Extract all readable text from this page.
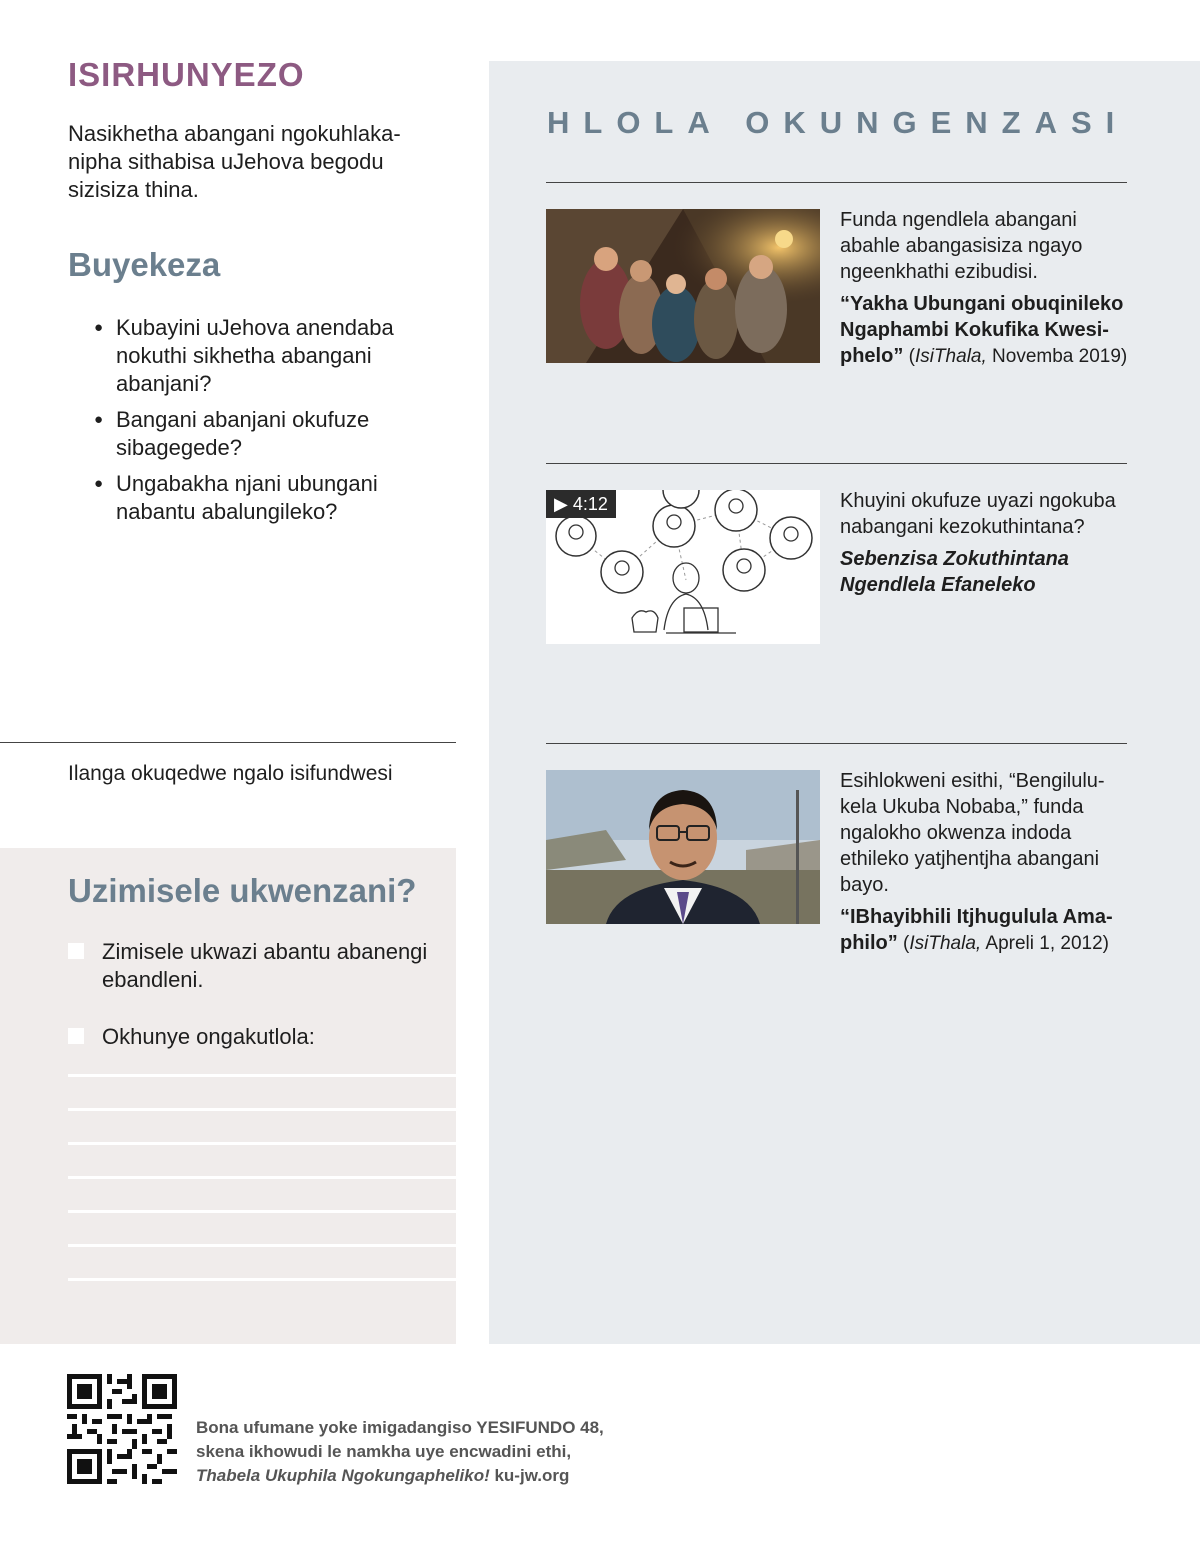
ISIRHUNYEZO
Nasikhetha abangani ngokuhlaka-nipha sithabisa uJehova begodu sizisiza thina.
Buyekeza
● Kubayini uJehova anendaba nokuthi sikhetha abangani abanjani?
● Bangani abanjani okufuze sibagegede?
● Ungabakha njani ubungani nabantu abalungileko?
Ilanga okuqedwe ngalo isifundwesi
Uzimisele ukwenzani?
Zimisele ukwazi abantu abanengi ebandleni.
Okhunye ongakutlola:
HLOLA OKUNGENZASI
Funda ngendlela abangani abahle abangasisiza ngayo ngeenkhathi ezibudisi.
“Yakha Ubungani obuqinileko Ngaphambi Kokufika Kwesi-phelo” (IsiThala, Novemba 2019)
▶ 4:12	Khuyini okufuze uyazi ngokuba nabangani kezokuthintana?
Sebenzisa Zokuthintana Ngendlela Efaneleko
Esihlokweni esithi, “Bengilulu-kela Ukuba Nobaba,” funda ngalokho okwenza indoda ethileko yatjhentjha abangani bayo.
“IBhayibhili Itjhugulula Ama-philo” (IsiThala, Apreli 1, 2012)
Bona ufumane yoke imigadangiso YESIFUNDO 48,
skena ikhowudi le namkha uye encwadini ethi,
Thabela Ukuphila Ngokungapheliko! ku-jw.org
